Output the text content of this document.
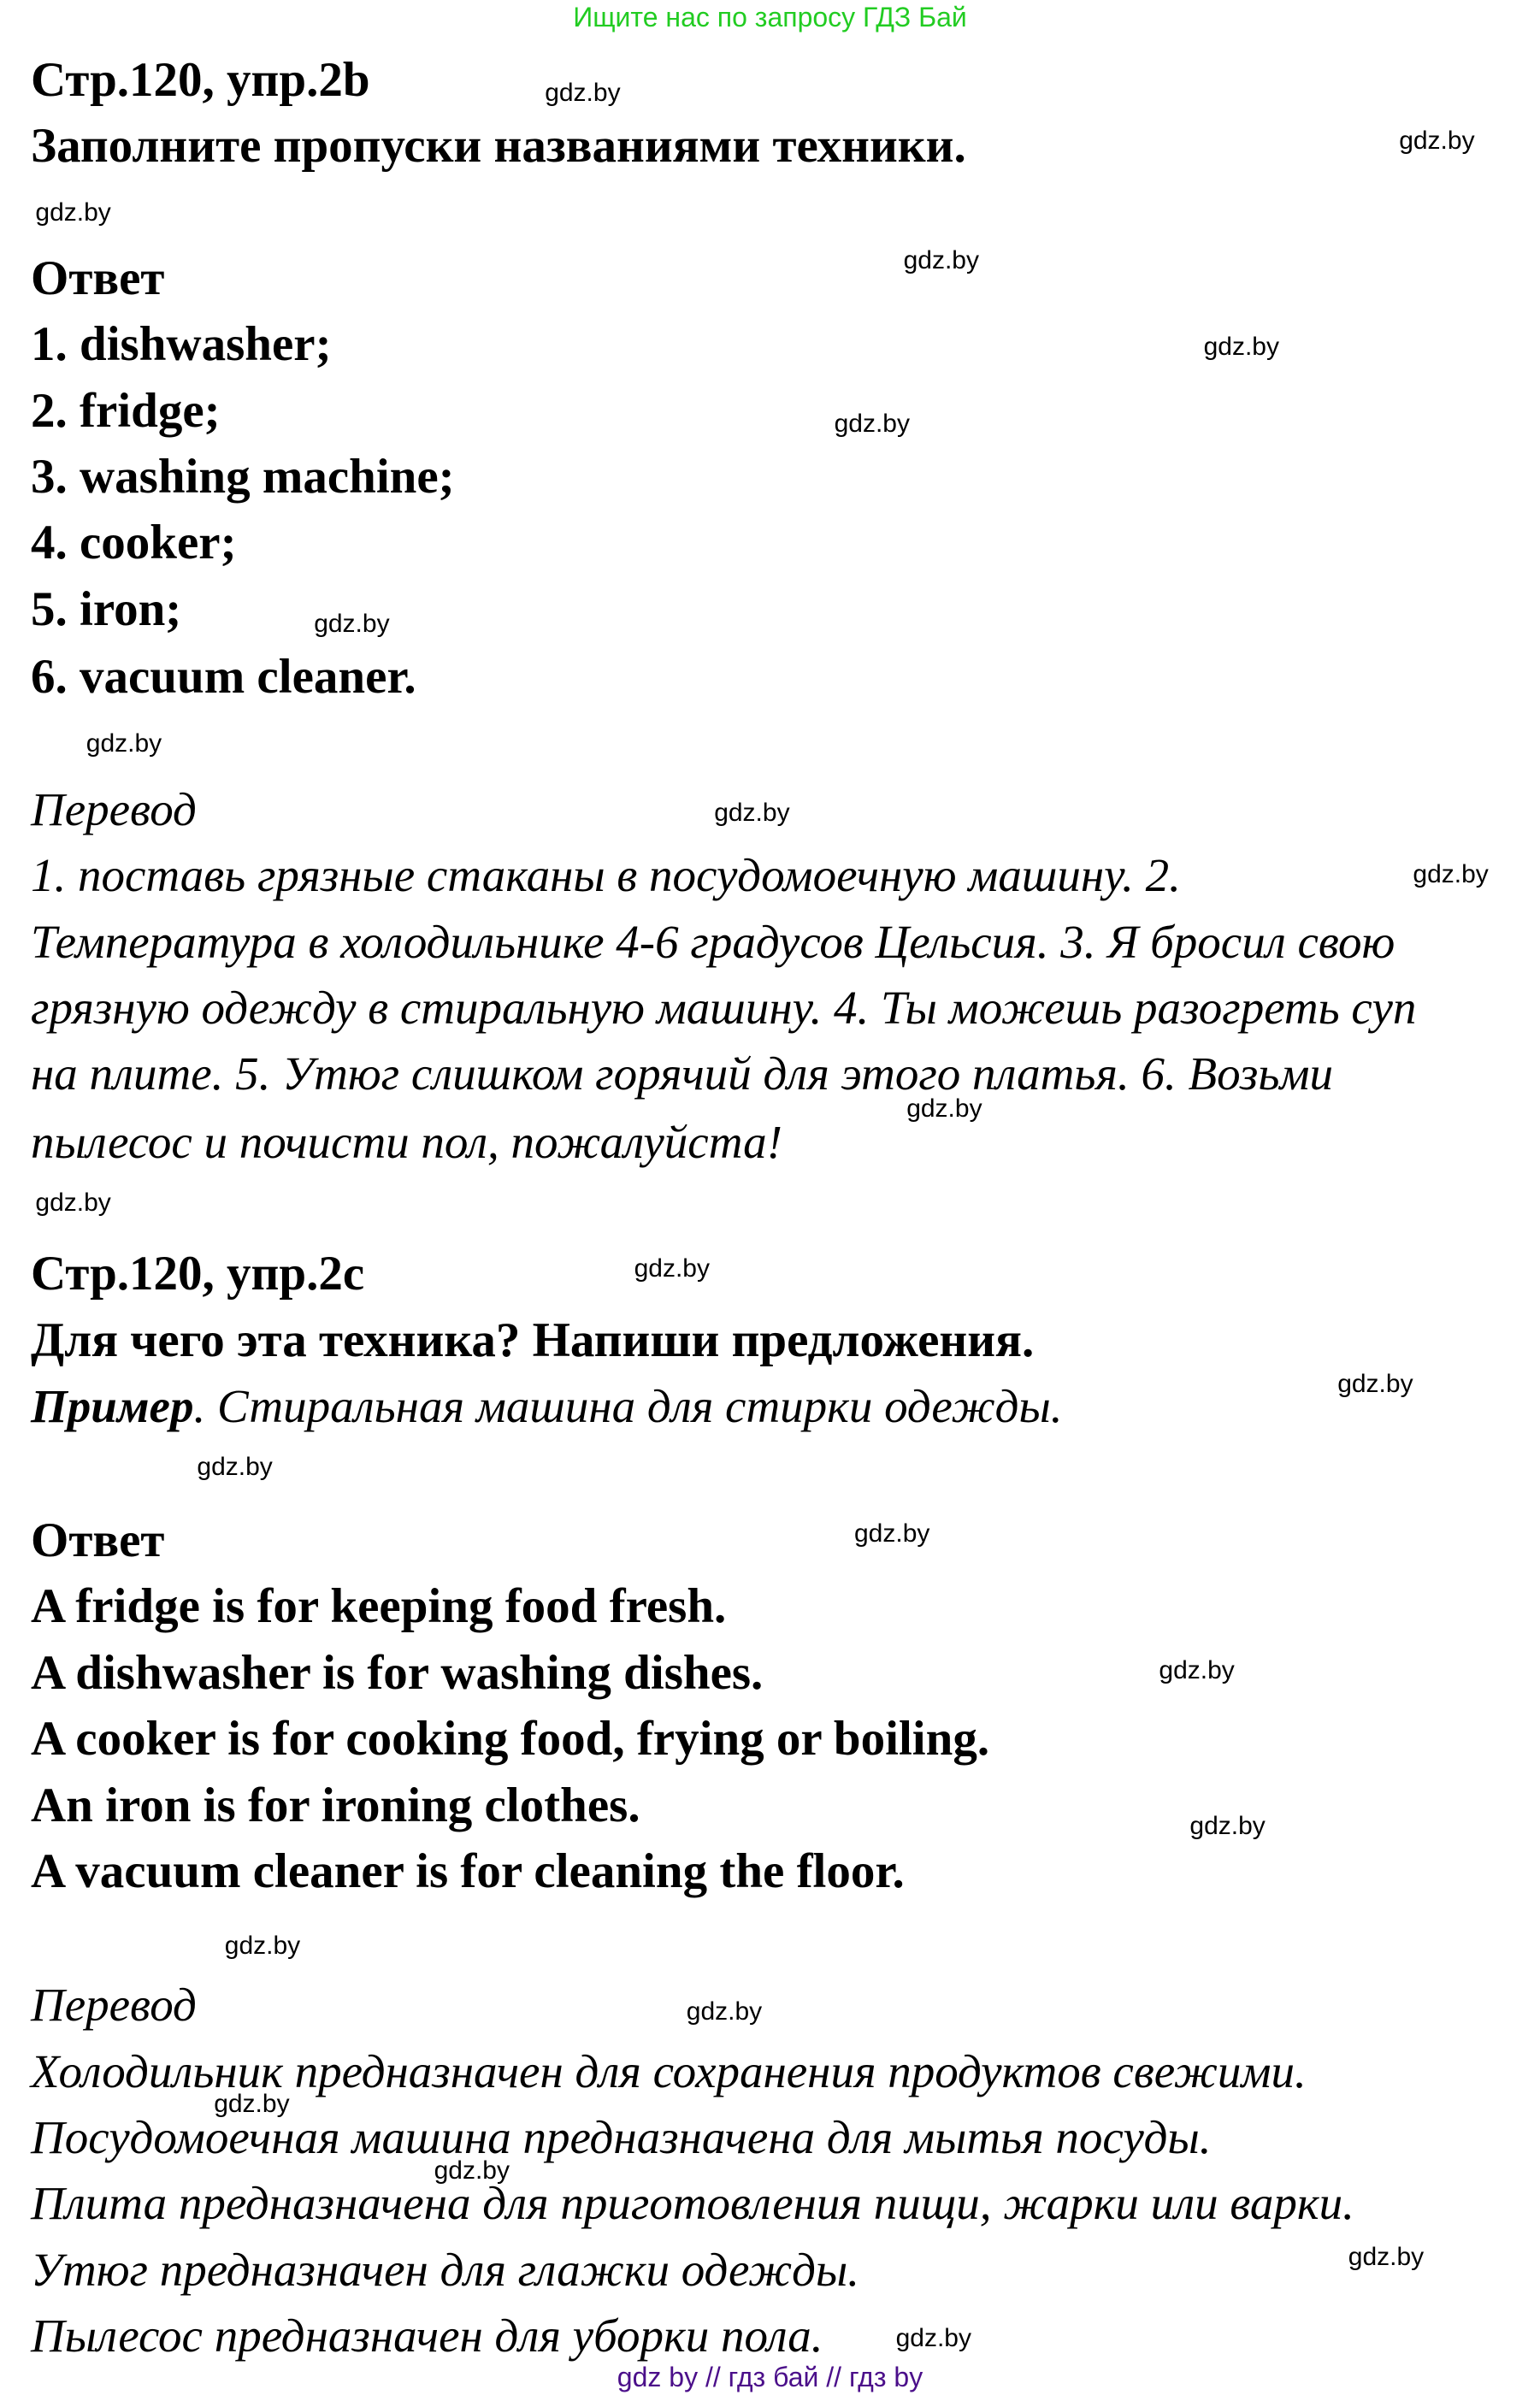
Ищите нас по запросу ГДЗ Бай
Стр.120, упр.2b
Заполните пропуски названиями техники.
Ответ
1. dishwasher;
2. fridge;
3. washing machine;
4. cooker;
5. iron;
6. vacuum cleaner.
Перевод
1. поставь грязные стаканы в посудомоечную машину. 2.
Температура в холодильнике 4-6 градусов Цельсия. 3. Я бросил свою
грязную одежду в стиральную машину. 4. Ты можешь разогреть суп
на плите. 5. Утюг слишком горячий для этого платья. 6. Возьми
пылесос и почисти пол, пожалуйста!
Стр.120, упр.2c
Для чего эта техника? Напиши предложения.
Пример. Стиральная машина для стирки одежды.
Ответ
A fridge is for keeping food fresh.
A dishwasher is for washing dishes.
A cooker is for cooking food, frying or boiling.
An iron is for ironing clothes.
A vacuum cleaner is for cleaning the floor.
Перевод
Холодильник предназначен для сохранения продуктов свежими.
Посудомоечная машина предназначена для мытья посуды.
Плита предназначена для приготовления пищи, жарки или варки.
Утюг предназначен для глажки одежды.
Пылесос предназначен для уборки пола.
gdz.by
gdz.by
gdz.by
gdz.by
gdz.by
gdz.by
gdz.by
gdz.by
gdz.by
gdz.by
gdz.by
gdz.by
gdz.by
gdz.by
gdz.by
gdz.by
gdz.by
gdz.by
gdz.by
gdz.by
gdz.by
gdz.by
gdz.by
gdz.by
gdz by // гдз бай // гдз by
